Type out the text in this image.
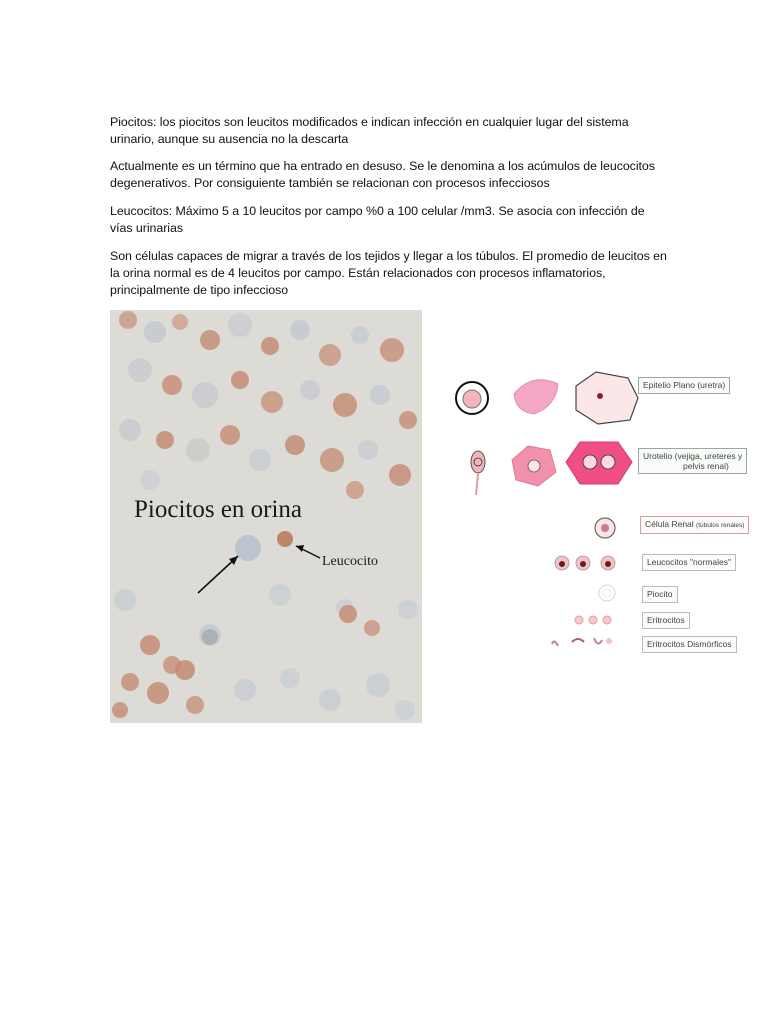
Piocitos: los piocitos son leucitos modificados e indican infección en cualquier lugar del sistema urinario, aunque su ausencia no la descarta

Actualmente es un término que ha entrado en desuso. Se le denomina a los acúmulos de leucocitos degenerativos. Por consiguiente también se relacionan con procesos infecciosos

Leucocitos: Máximo 5 a 10 leucitos por campo %0 a 100 celular /mm3. Se asocia con infección de vías urinarias

Son células capaces de migrar a través de los tejidos y llegar a los túbulos. El promedio de leucitos en la orina normal es de 4 leucitos por campo. Están relacionados con procesos inflamatorios, principalmente de tipo infeccioso

Piocitos en orina
Leucocito
Epitelio Plano (uretra)
Urotelio (vejiga, ureteres y
pelvis renal)
Célula Renal (túbulos renales)
Leucocitos "normales"
Piocito
Eritrocitos
Eritrocitos Dismórficos
